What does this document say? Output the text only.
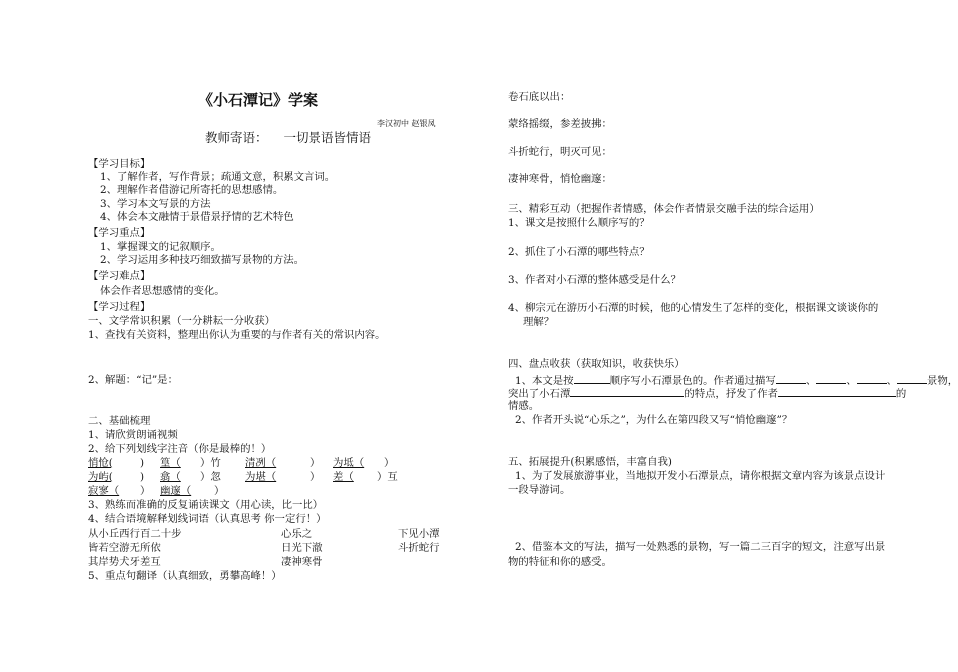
《小石潭记》学案
李汉初中 赵银凤
教师寄语： 一切景语皆情语
【学习目标】
1、了解作者，写作背景；疏通文意，积累文言词。
2、理解作者借游记所寄托的思想感情。
3、学习本文写景的方法
4、体会本文融情于景借景抒情的艺术特色
【学习重点】
1、掌握课文的记叙顺序。
2、学习运用多种技巧细致描写景物的方法。
【学习难点】
体会作者思想感情的变化。
【学习过程】
一、文学常识积累（一分耕耘一分收获）
1、查找有关资料，整理出你认为重要的与作者有关的常识内容。
2、解题：“记”是：
二、基础梳理
1、请欣赏朗诵视频
2、给下列划线字注音（你是最棒的！）
悄怆(	) 篁（ ）竹 清冽（	） 为坻（ ）
为屿(	) 翕（ ）忽 为堪（	） 差（ ）互
寂寥（ ） 幽邃（ ）
3、熟练而准确的反复诵读课文（用心读，比一比）
4、结合语境解释划线词语（认真思考 你一定行！）
从小丘西行百二十步	心乐之	下见小潭
皆若空游无所依	日光下澈	斗折蛇行
其岸势犬牙差互	凄神寒骨
5、重点句翻译（认真细致，勇攀高峰！）
卷石底以出：
蒙络摇缀，参差披拂：
斗折蛇行，明灭可见：
凄神寒骨，悄怆幽邃：
三、精彩互动（把握作者情感，体会作者情景交融手法的综合运用）
1、课文是按照什么顺序写的？
2、抓住了小石潭的哪些特点？
3、作者对小石潭的整体感受是什么？
4、柳宗元在游历小石潭的时候，他的心情发生了怎样的变化，根据课文谈谈你的
理解？
四、盘点收获（获取知识，收获快乐）
1、本文是按	顺序写小石潭景色的。作者通过描写	、	、	、	景物，
突出了小石潭	的特点，抒发了作者	的
情感。
2、作者开头说“心乐之”，为什么在第四段又写“悄怆幽邃”？
五、拓展提升(积累感悟，丰富自我)
1、为了发展旅游事业，当地拟开发小石潭景点，请你根据文章内容为该景点设计
一段导游词。
2、借鉴本文的写法，描写一处熟悉的景物，写一篇二三百字的短文，注意写出景
物的特征和你的感受。
